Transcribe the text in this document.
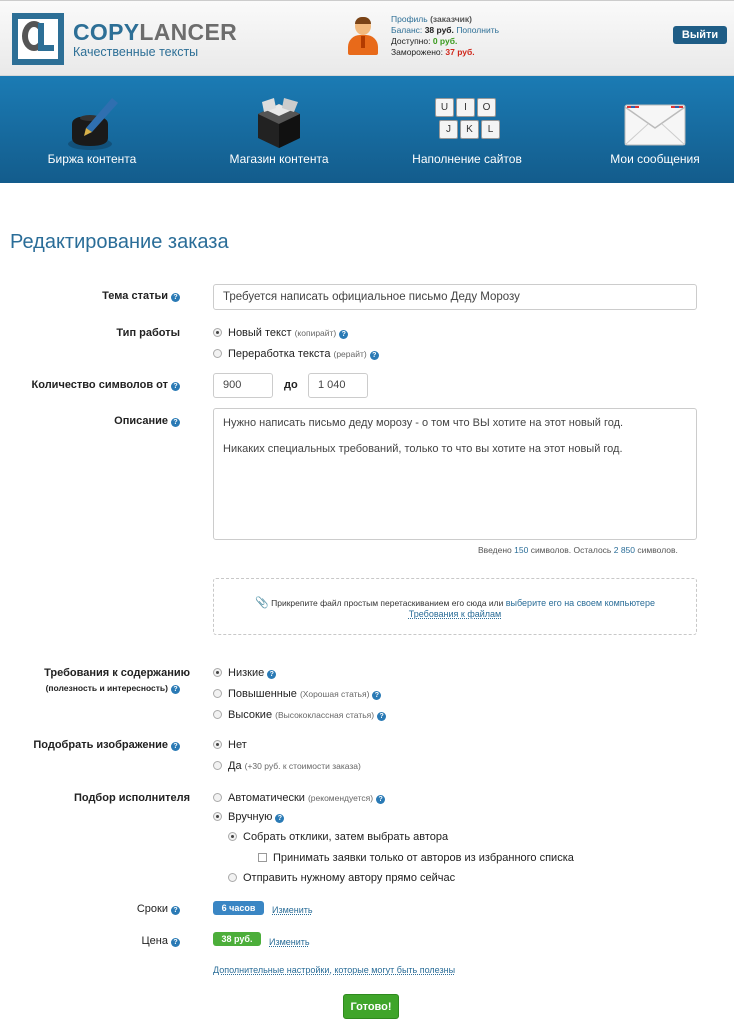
COPYLANCER
Качественные тексты
Профиль (заказчик)
Баланс: 38 руб. Пополнить
Доступно: 0 руб.
Заморожено: 37 руб.
Выйти
Биржа контента	Магазин контента
U	I	O
J	K	L
Наполнение сайтов	Мои сообщения
Редактирование заказа
Тема статьи ?	Требуется написать официальное письмо Деду Морозу
Тип работы	Новый текст (копирайт) ?
Переработка текста (рерайт) ?
Количество символов от ?	900	до	1 040
Описание ?	Нужно написать письмо деду морозу - о том что ВЫ хотите на этот новый год.
Никаких специальных требований, только то что вы хотите на этот новый год.
Введено 150 символов. Осталось 2 850 символов.
📎 Прикрепите файл простым перетаскиванием его сюда или выберите его на своем компьютере
Требования к файлам
Требования к содержанию
(полезность и интересность) ?
Низкие ?
Повышенные (Хорошая статья) ?
Высокие (Высококлассная статья) ?
Подобрать изображение ?	Нет
Да (+30 руб. к стоимости заказа)
Подбор исполнителя	Автоматически (рекомендуется) ?
Вручную ?
Собрать отклики, затем выбрать автора
Принимать заявки только от авторов из избранного списка
Отправить нужному автору прямо сейчас
Сроки ?	6 часов	Изменить
Цена ?	38 руб.	Изменить
Дополнительные настройки, которые могут быть полезны
Готово!
